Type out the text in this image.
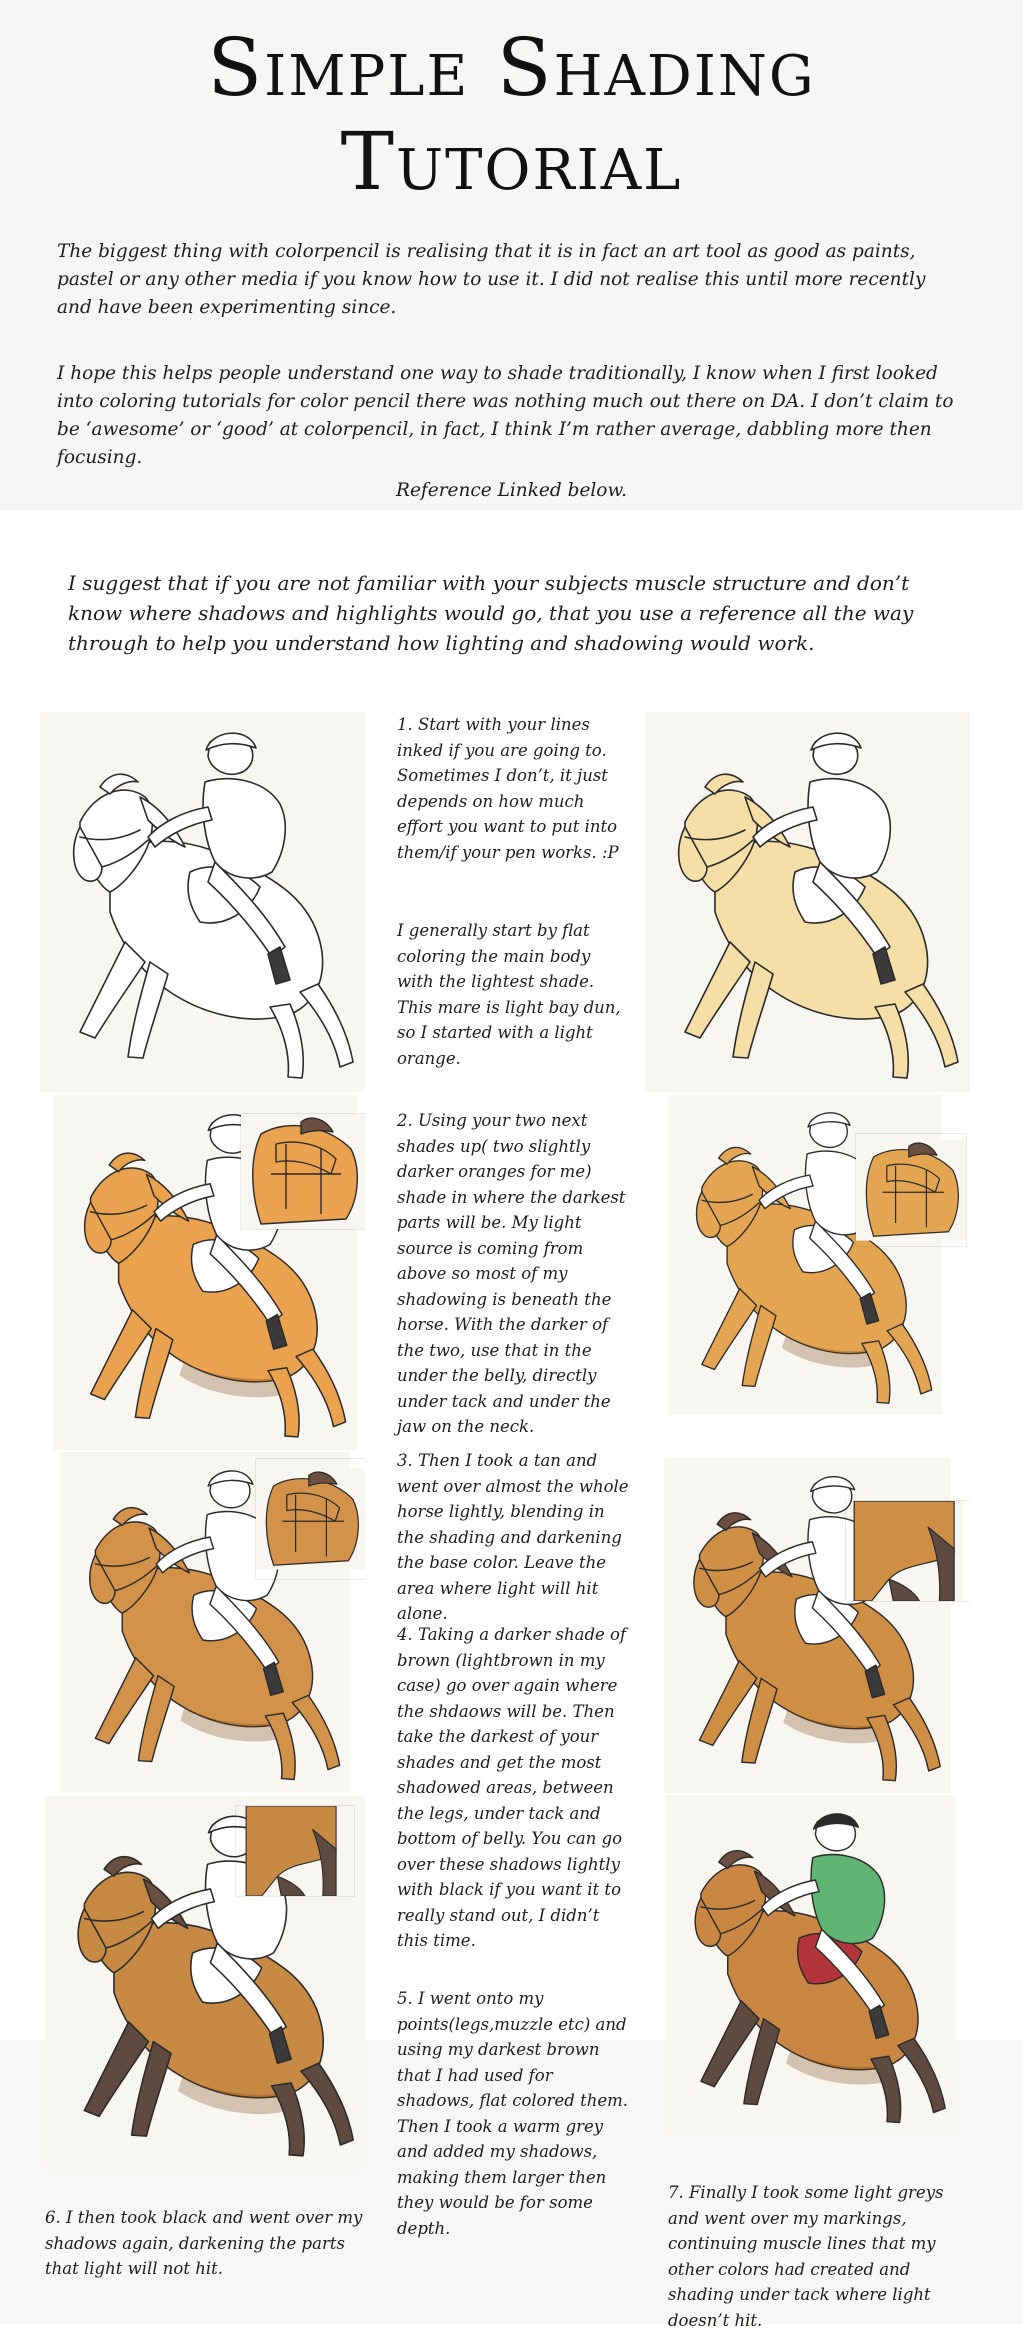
Simple Shading
Tutorial

The biggest thing with colorpencil is realising that it is in fact an art tool as good as paints, pastel or any other media if you know how to use it. I did not realise this until more recently and have been experimenting since.

I hope this helps people understand one way to shade traditionally, I know when I first looked into coloring tutorials for color pencil there was nothing much out there on DA. I don’t claim to be ‘awesome’ or ‘good’ at colorpencil, in fact, I think I’m rather average, dabbling more then focusing.

Reference Linked below.

I suggest that if you are not familiar with your subjects muscle structure and don’t know where shadows and highlights would go, that you use a reference all the way through to help you understand how lighting and shadowing would work.

1. Start with your lines inked if you are going to. Sometimes I don’t, it just depends on how much effort you want to put into them/if your pen works. :P

I generally start by flat coloring the main body with the lightest shade. This mare is light bay dun, so I started with a light orange.

2. Using your two next shades up( two slightly darker oranges for me) shade in where the darkest parts will be. My light source is coming from above so most of my shadowing is beneath the horse. With the darker of the two, use that in the under the belly, directly under tack and under the jaw on the neck.

3. Then I took a tan and went over almost the whole horse lightly, blending in the shading and darkening the base color. Leave the area where light will hit alone.

4. Taking a darker shade of brown (lightbrown in my case) go over again where the shdaows will be. Then take the darkest of your shades and get the most shadowed areas, between the legs, under tack and bottom of belly. You can go over these shadows lightly with black if you want it to really stand out, I didn’t this time.

5. I went onto my points(legs,muzzle etc) and using my darkest brown that I had used for shadows, flat colored them. Then I took a warm grey and added my shadows, making them larger then they would be for some depth.

6. I then took black and went over my shadows again, darkening the parts that light will not hit.

7. Finally I took some light greys and went over my markings, continuing muscle lines that my other colors had created and shading under tack where light doesn’t hit.
